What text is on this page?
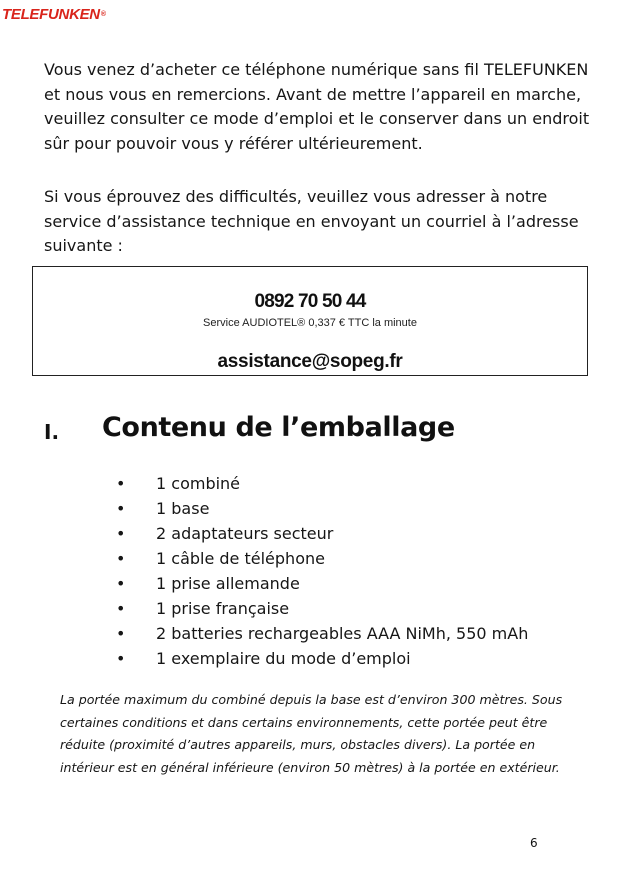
TELEFUNKEN®

Vous venez d’acheter ce téléphone numérique sans fil TELEFUNKEN et nous vous en remercions. Avant de mettre l’appareil en marche, veuillez consulter ce mode d’emploi et le conserver dans un endroit sûr pour pouvoir vous y référer ultérieurement.

Si vous éprouvez des difficultés, veuillez vous adresser à notre service d’assistance technique en envoyant un courriel à l’adresse suivante :

0892 70 50 44
Service AUDIOTEL® 0,337 € TTC la minute
assistance@sopeg.fr
I. Contenu de l’emballage
• 1 combiné
• 1 base
• 2 adaptateurs secteur
• 1 câble de téléphone
• 1 prise allemande
• 1 prise française
• 2 batteries rechargeables AAA NiMh, 550 mAh
• 1 exemplaire du mode d’emploi

La portée maximum du combiné depuis la base est d’environ 300 mètres. Sous certaines conditions et dans certains environnements, cette portée peut être réduite (proximité d’autres appareils, murs, obstacles divers). La portée en intérieur est en général inférieure (environ 50 mètres) à la portée en extérieur.

6
